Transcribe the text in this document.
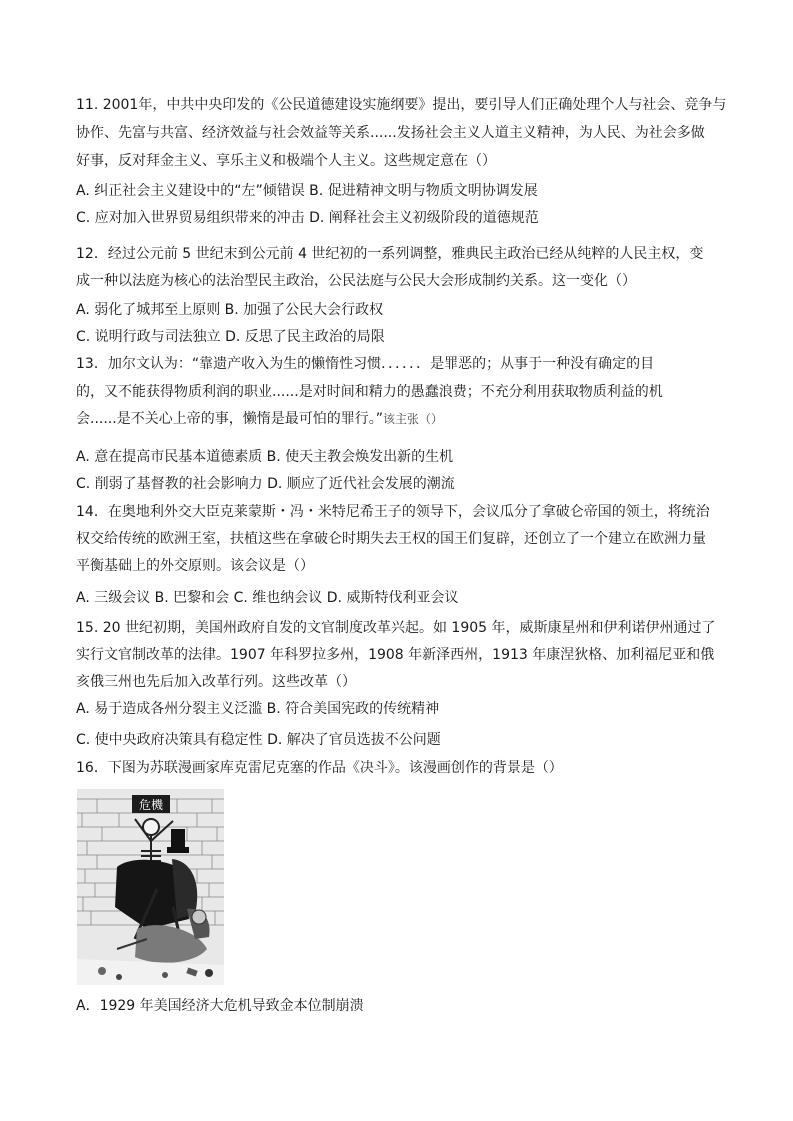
11. 2001年，中共中央印发的《公民道德建设实施纲要》提出，要引导人们正确处理个人与社会、竞争与
协作、先富与共富、经济效益与社会效益等关系......发扬社会主义人道主义精神，为人民、为社会多做
好事，反对拜金主义、享乐主义和极端个人主义。这些规定意在（）
A. 纠正社会主义建设中的“左”倾错误 B. 促进精神文明与物质文明协调发展
C. 应对加入世界贸易组织带来的冲击 D. 阐释社会主义初级阶段的道德规范
12．经过公元前 5 世纪末到公元前 4 世纪初的一系列调整，雅典民主政治已经从纯粹的人民主权，变
成一种以法庭为核心的法治型民主政治，公民法庭与公民大会形成制约关系。这一变化（）
A. 弱化了城邦至上原则 B. 加强了公民大会行政权
C. 说明行政与司法独立 D. 反思了民主政治的局限
13．加尔文认为：“靠遗产收入为生的懒惰性习惯．．．．．．是罪恶的；从事于一种没有确定的目
的，又不能获得物质利润的职业......是对时间和精力的愚蠢浪费；不充分利用获取物质利益的机
会......是不关心上帝的事，懒惰是最可怕的罪行。”该主张（）
A. 意在提高市民基本道德素质 B. 使天主教会焕发出新的生机
C. 削弱了基督教的社会影响力 D. 顺应了近代社会发展的潮流
14．在奥地利外交大臣克莱蒙斯・冯・米特尼希王子的领导下，会议瓜分了拿破仑帝国的领土，将统治
权交给传统的欧洲王室，扶植这些在拿破仑时期失去王权的国王们复辟，还创立了一个建立在欧洲力量
平衡基础上的外交原则。该会议是（）
A. 三级会议 B. 巴黎和会 C. 维也纳会议 D. 威斯特伐利亚会议
15. 20 世纪初期，美国州政府自发的文官制度改革兴起。如 1905 年，威斯康星州和伊利诺伊州通过了
实行文官制改革的法律。1907 年科罗拉多州，1908 年新泽西州，1913 年康涅狄格、加利福尼亚和俄
亥俄三州也先后加入改革行列。这些改革（）
A. 易于造成各州分裂主义泛滥 B. 符合美国宪政的传统精神
C. 使中央政府决策具有稳定性 D. 解决了官员选拔不公问题
16．下图为苏联漫画家库克雷尼克塞的作品《决斗》。该漫画创作的背景是（）
危機
A．1929 年美国经济大危机导致金本位制崩溃
